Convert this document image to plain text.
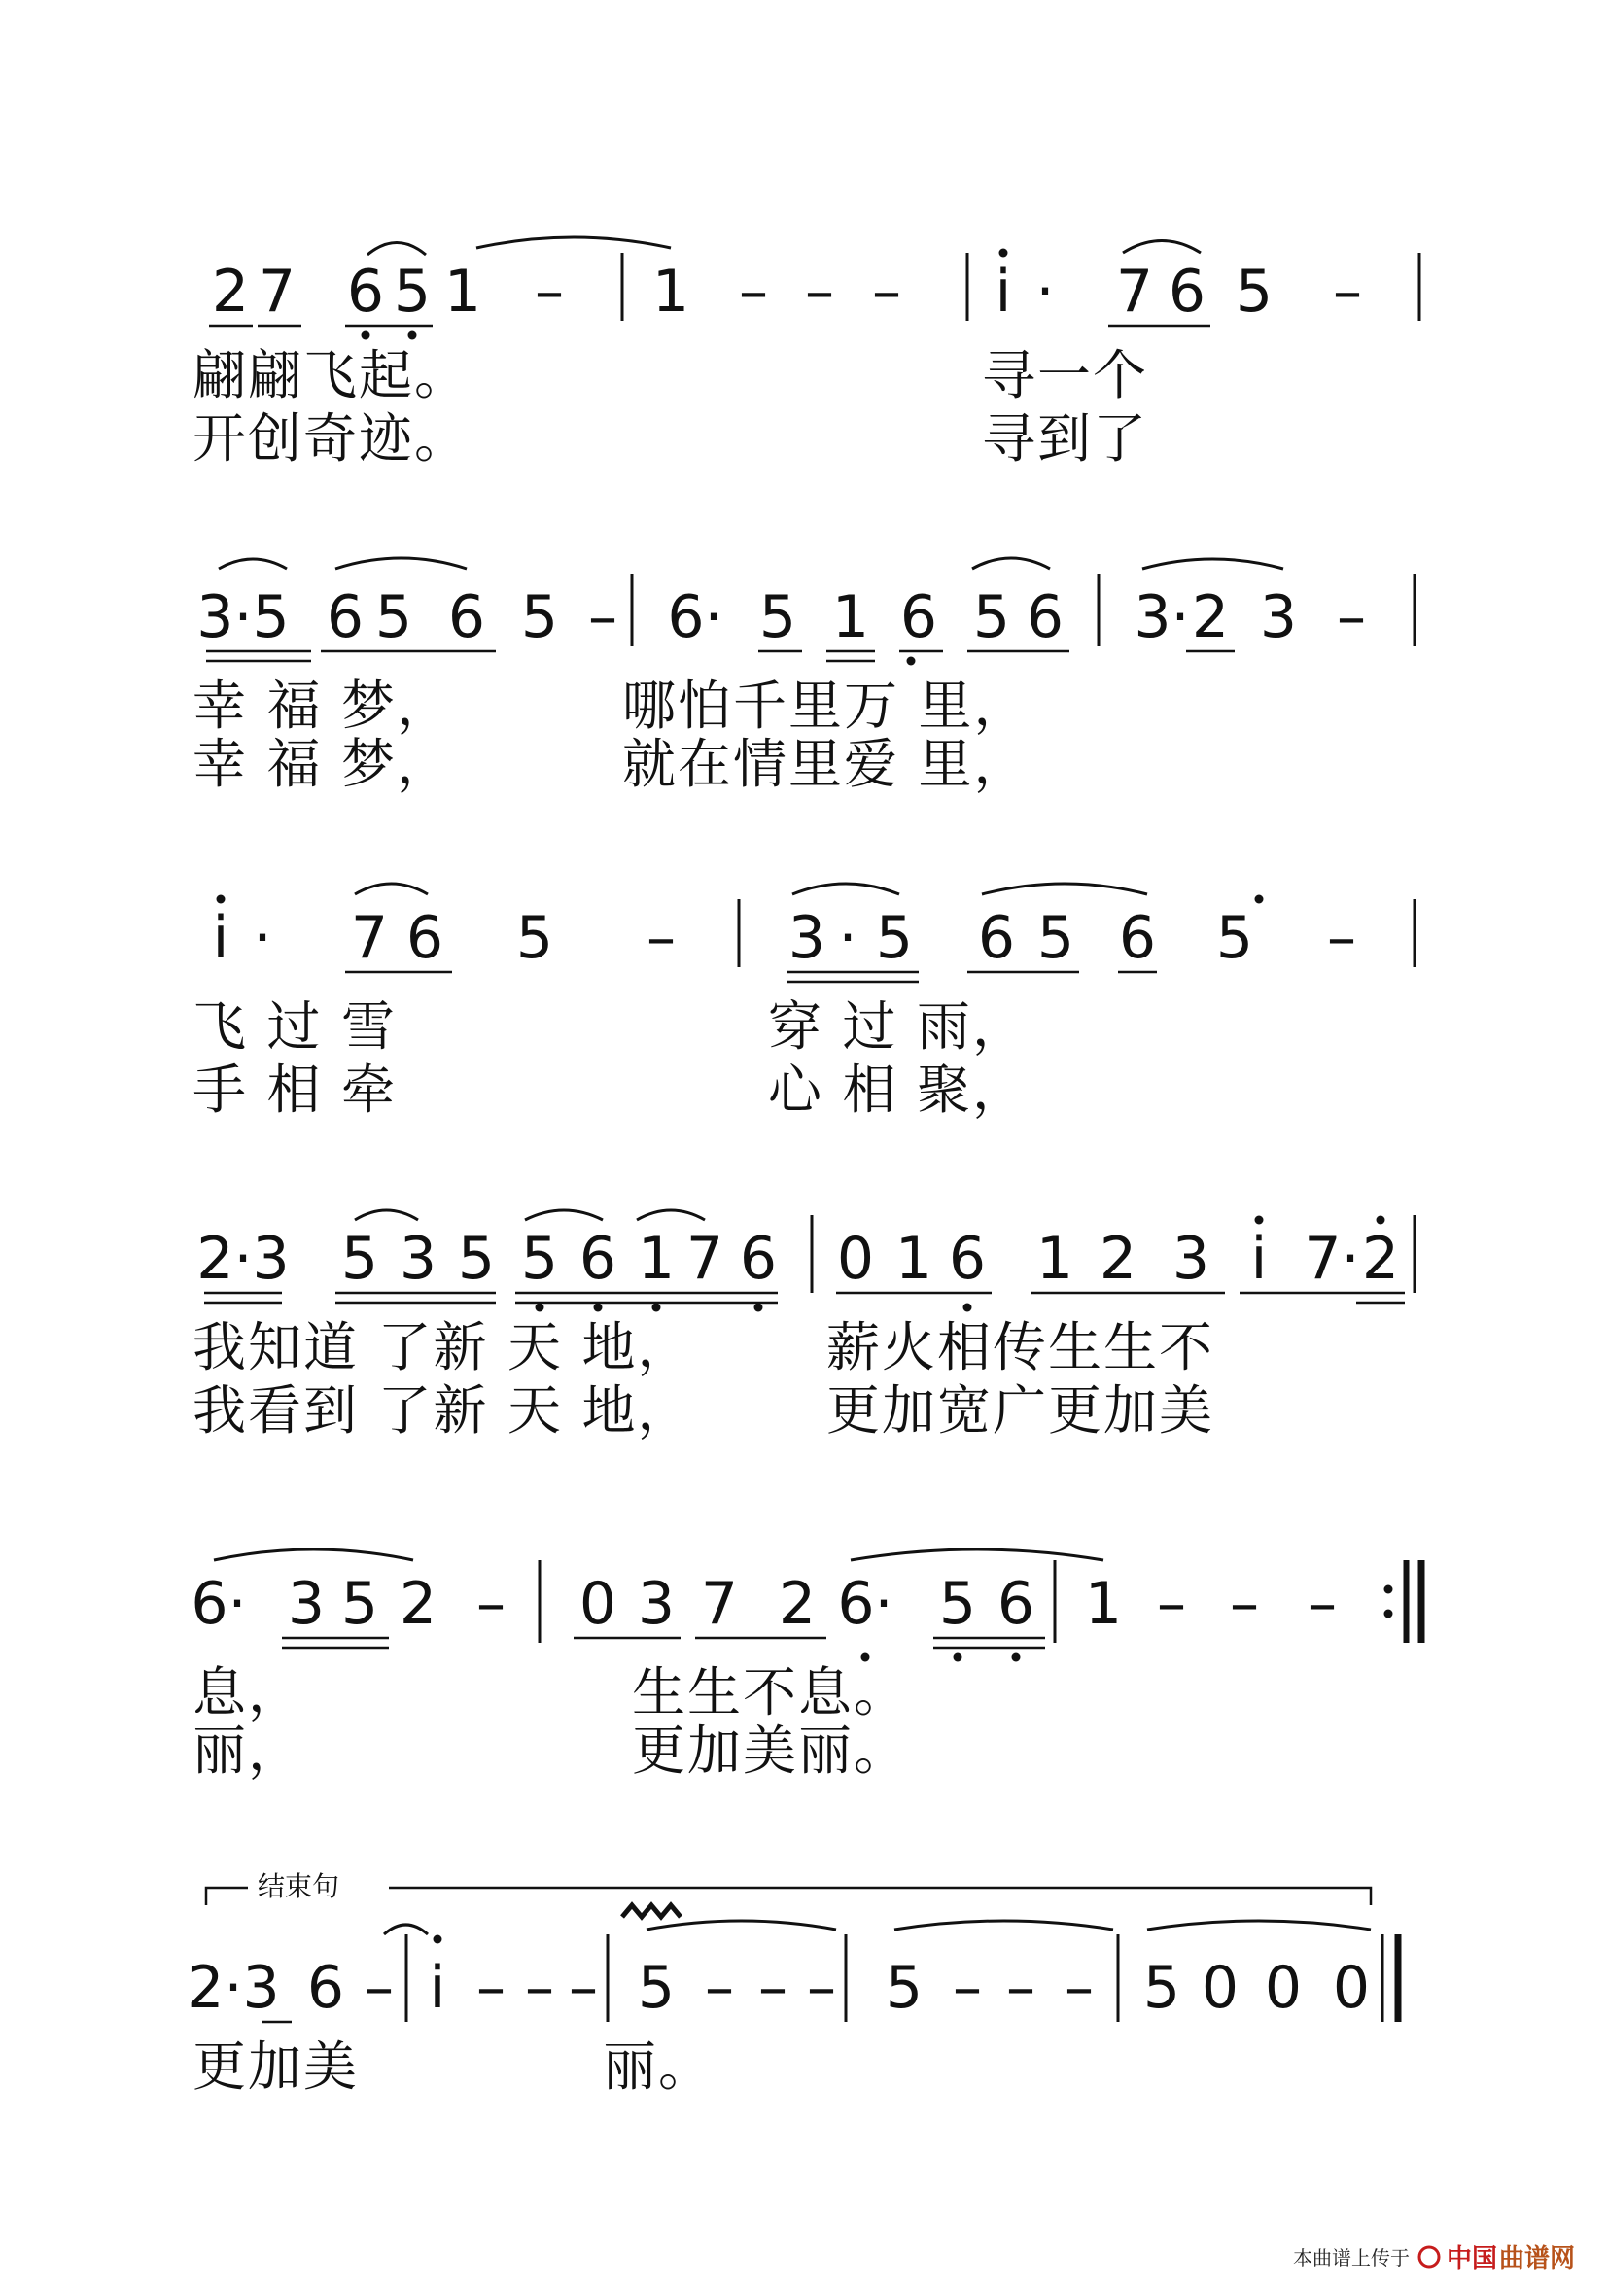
2 7 6 5 1 – 1 – – – i · 7 6 5 –
翩翩飞起。	寻一个
开创奇迹。	寻到了
3·5 6 5 6 5 – 6· 5 1 6 5 6 3· 2 3 –
幸 福 梦，	哪怕千里万 里，
幸 福 梦，	就在情里爱 里，
i · 7 6 5 – 3 · 5 6 5 6 5 –
飞 过 雪	穿 过 雨，
手 相 牵	心 相 聚，
2·3 5 3 5 5 6 1 7 6 0 1 6 1 2 3 i 7· 2
我知道 了新 天 地，	薪火相传生生不
我看到 了新 天 地，	更加宽广更加美
6· 3 5 2 – 0 3 7 2 6· 5 6 1 – – –
息，	生生不息。
丽，	更加美丽。
2·3 6 – i – – – 5 – – – 5 – – – 5 0 0 0
更加美	丽。
结束句
本曲谱上传于 中国 曲谱网
